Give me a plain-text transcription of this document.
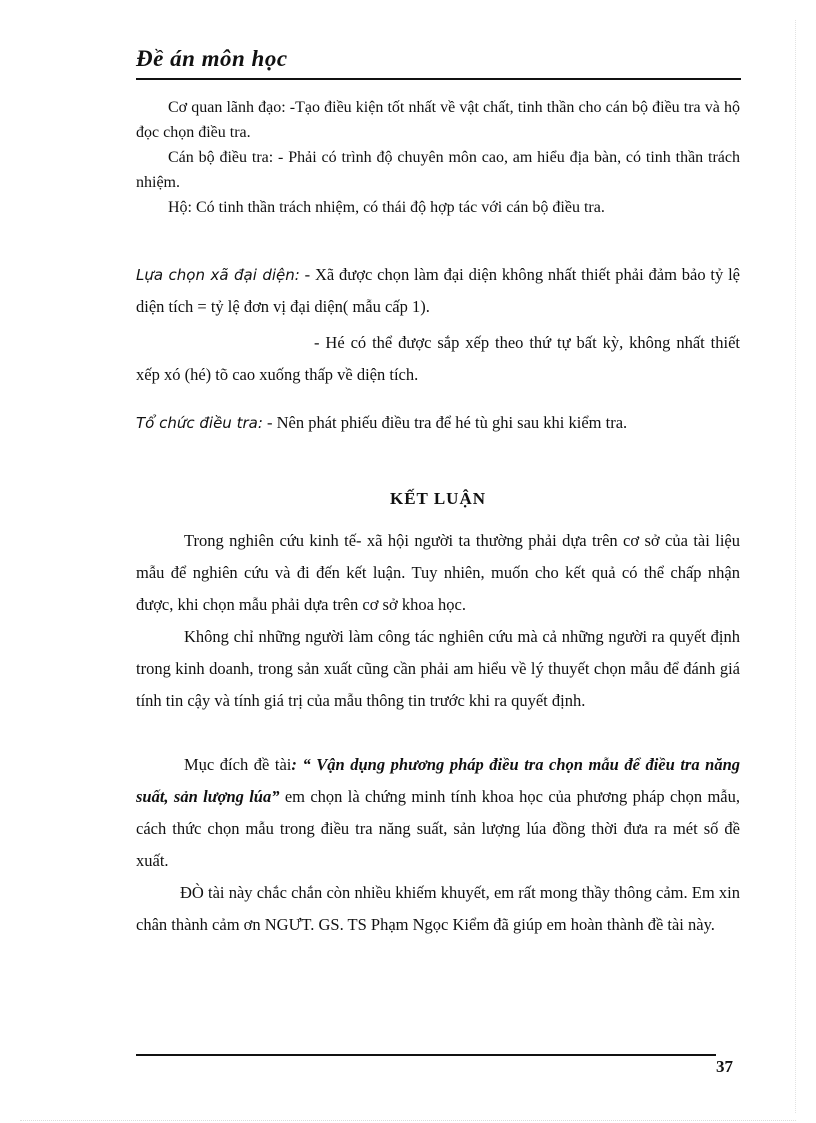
Đề án môn học

Cơ quan lãnh đạo: -Tạo điều kiện tốt nhất về vật chất, tinh thần cho cán bộ điều tra và hộ đọc chọn điều tra.

Cán bộ điều tra: - Phải có trình độ chuyên môn cao, am hiểu địa bàn, có tinh thần trách nhiệm.

Hộ: Có tinh thần trách nhiệm, có thái độ hợp tác với cán bộ điều tra.

Lựa chọn xã đại diện: - Xã được chọn làm đại diện không nhất thiết phải đảm bảo tỷ lệ diện tích = tỷ lệ đơn vị đại diện( mẫu cấp 1).

- Hé có thể được sắp xếp theo thứ tự bất kỳ, không nhất thiết xếp xó (hé) tõ cao xuống thấp về diện tích.

Tổ chức điều tra: - Nên phát phiếu điều tra để hé tù ghi sau khi kiểm tra.

KẾT LUẬN

Trong nghiên cứu kinh tế- xã hội người ta thường phải dựa trên cơ sở của tài liệu mẫu để nghiên cứu và đi đến kết luận. Tuy nhiên, muốn cho kết quả có thể chấp nhận được, khi chọn mẫu phải dựa trên cơ sở khoa học.

Không chỉ những người làm công tác nghiên cứu mà cả những người ra quyết định trong kinh doanh, trong sản xuất cũng cần phải am hiểu về lý thuyết chọn mẫu để đánh giá tính tin cậy và tính giá trị của mẫu thông tin trước khi ra quyết định.

Mục đích đề tài: “ Vận dụng phương pháp điều tra chọn mẫu để điều tra năng suất, sản lượng lúa” em chọn là chứng minh tính khoa học của phương pháp chọn mẫu, cách thức chọn mẫu trong điều tra năng suất, sản lượng lúa đồng thời đưa ra mét số đề xuất.

ĐÒ tài này chắc chắn còn nhiều khiếm khuyết, em rất mong thầy thông cảm. Em xin chân thành cảm ơn NGƯT. GS. TS Phạm Ngọc Kiểm đã giúp em hoàn thành đề tài này.

37
